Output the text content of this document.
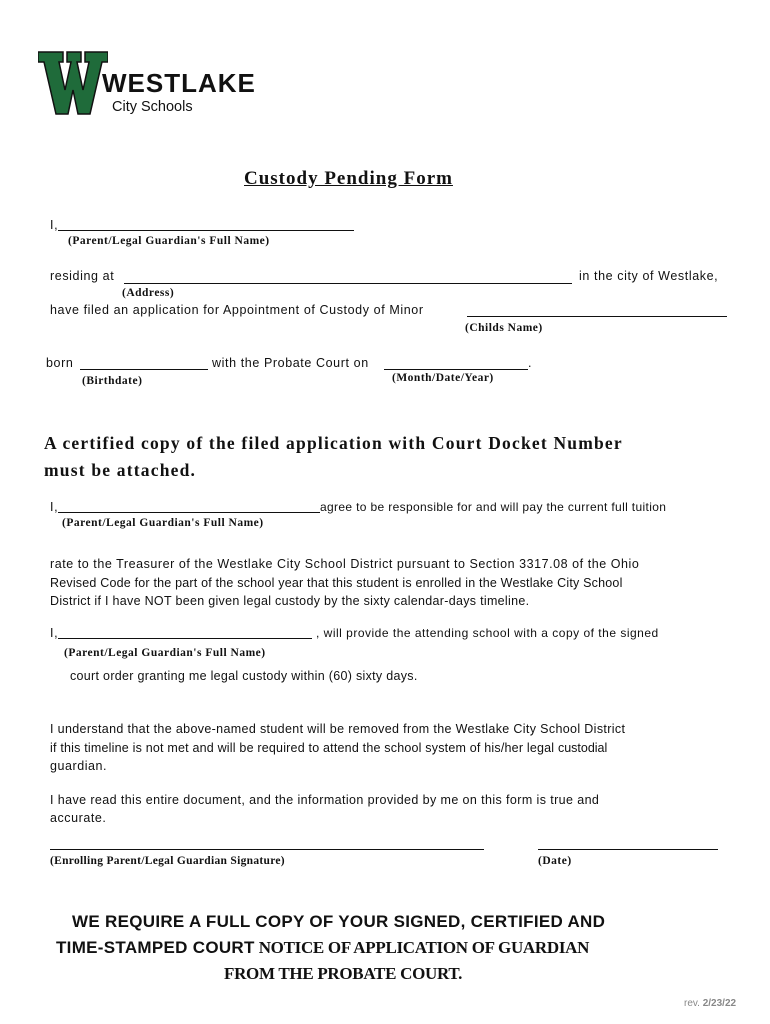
WESTLAKE
City Schools
Custody Pending Form
I,
(Parent/Legal Guardian's Full Name)
residing at	in the city of Westlake,
(Address)
have filed an application for Appointment of Custody of Minor
(Childs Name)
born	with the Probate Court on	.
(Birthdate)	(Month/Date/Year)
A certified copy of the filed application with Court Docket Number
must be attached.
I,	agree to be responsible for and will pay the current full tuition
(Parent/Legal Guardian's Full Name)
rate to the Treasurer of the Westlake City School District pursuant to Section 3317.08 of the Ohio
Revised Code for the part of the school year that this student is enrolled in the Westlake City School
District if I have NOT been given legal custody by the sixty calendar-days timeline.
I,	, will provide the attending school with a copy of the signed
(Parent/Legal Guardian's Full Name)
court order granting me legal custody within (60) sixty days.
I understand that the above-named student will be removed from the Westlake City School District
if this timeline is not met and will be required to attend the school system of his/her legal custodial
guardian.
I have read this entire document, and the information provided by me on this form is true and
accurate.
(Enrolling Parent/Legal Guardian Signature)	(Date)
WE REQUIRE A FULL COPY OF YOUR SIGNED, CERTIFIED AND
TIME-STAMPED COURT NOTICE OF APPLICATION OF GUARDIAN
FROM THE PROBATE COURT.
rev. 2/23/22
